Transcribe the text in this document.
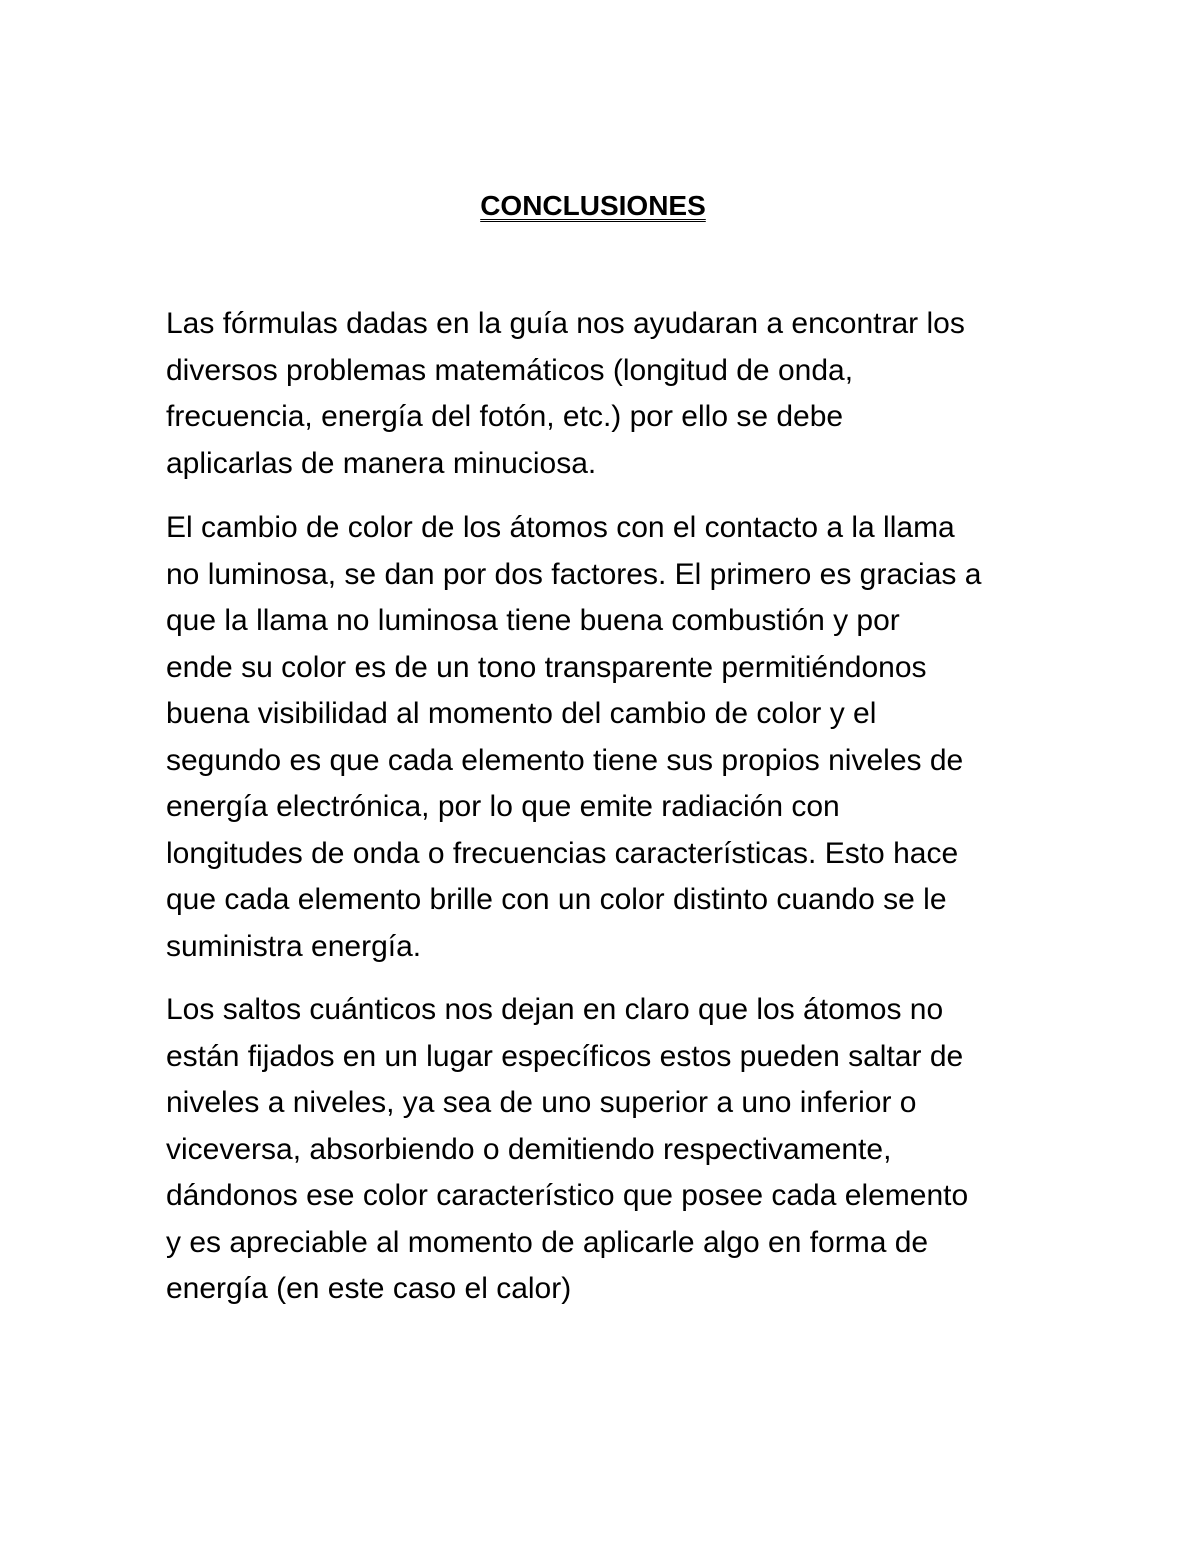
CONCLUSIONES
Las fórmulas dadas en la guía nos ayudaran a encontrar los
diversos problemas matemáticos (longitud de onda,
frecuencia, energía del fotón, etc.) por ello se debe
aplicarlas de manera minuciosa.
El cambio de color de los átomos con el contacto a la llama
no luminosa, se dan por dos factores. El primero es gracias a
que la llama no luminosa tiene buena combustión y por
ende su color es de un tono transparente permitiéndonos
buena visibilidad al momento del cambio de color y el
segundo es que cada elemento tiene sus propios niveles de
energía electrónica, por lo que emite radiación con
longitudes de onda o frecuencias características. Esto hace
que cada elemento brille con un color distinto cuando se le
suministra energía.
Los saltos cuánticos nos dejan en claro que los átomos no
están fijados en un lugar específicos estos pueden saltar de
niveles a niveles, ya sea de uno superior a uno inferior o
viceversa, absorbiendo o demitiendo respectivamente,
dándonos ese color característico que posee cada elemento
y es apreciable al momento de aplicarle algo en forma de
energía (en este caso el calor)
